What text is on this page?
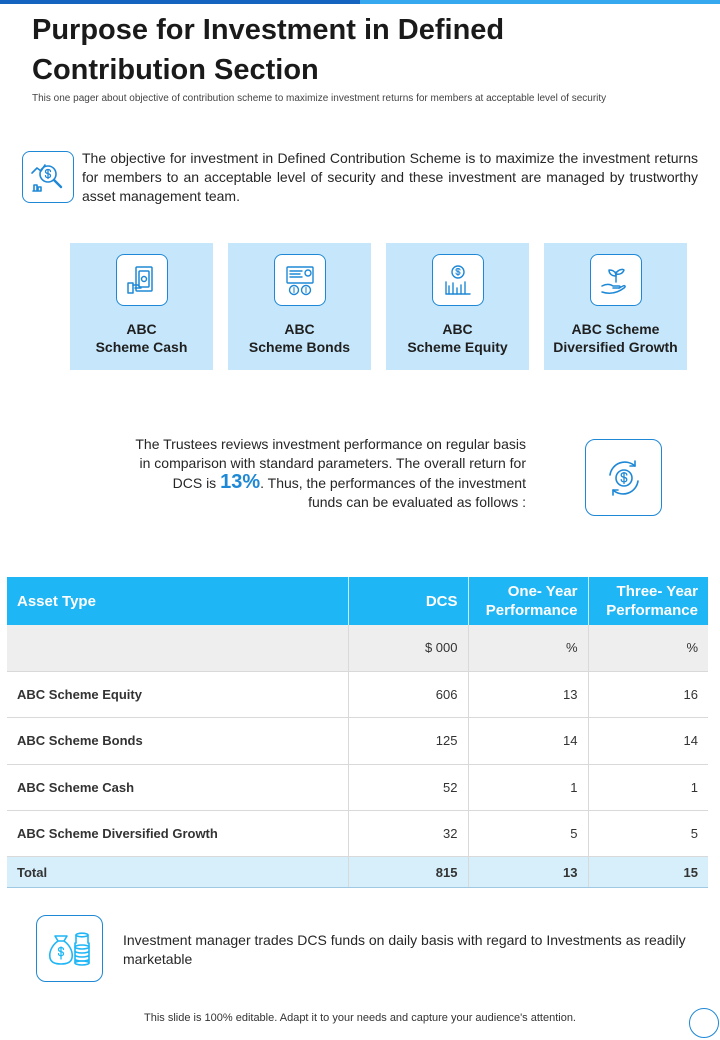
Purpose for Investment in Defined Contribution Section

This one pager about objective of contribution scheme to maximize investment returns for members at acceptable level of security

The objective for investment in Defined Contribution Scheme is to maximize the investment returns for members to an acceptable level of security and these investment are managed by trustworthy asset management team.

ABC
Scheme Cash
ABC
Scheme Bonds
ABC
Scheme Equity
ABC Scheme
Diversified Growth
The Trustees reviews investment performance on regular basis
in comparison with standard parameters. The overall return for
DCS is 13%. Thus, the performances of the investment
funds can be evaluated as follows :
Asset Type	DCS	One- Year Performance	Three- Year Performance
	$ 000	%	%
ABC Scheme Equity	606	13	16
ABC Scheme Bonds	125	14	14
ABC Scheme Cash	52	1	1
ABC Scheme Diversified Growth	32	5	5
Total	815	13	15

Investment manager trades DCS funds on daily basis with regard to Investments as readily marketable

This slide is 100% editable. Adapt it to your needs and capture your audience's attention.
